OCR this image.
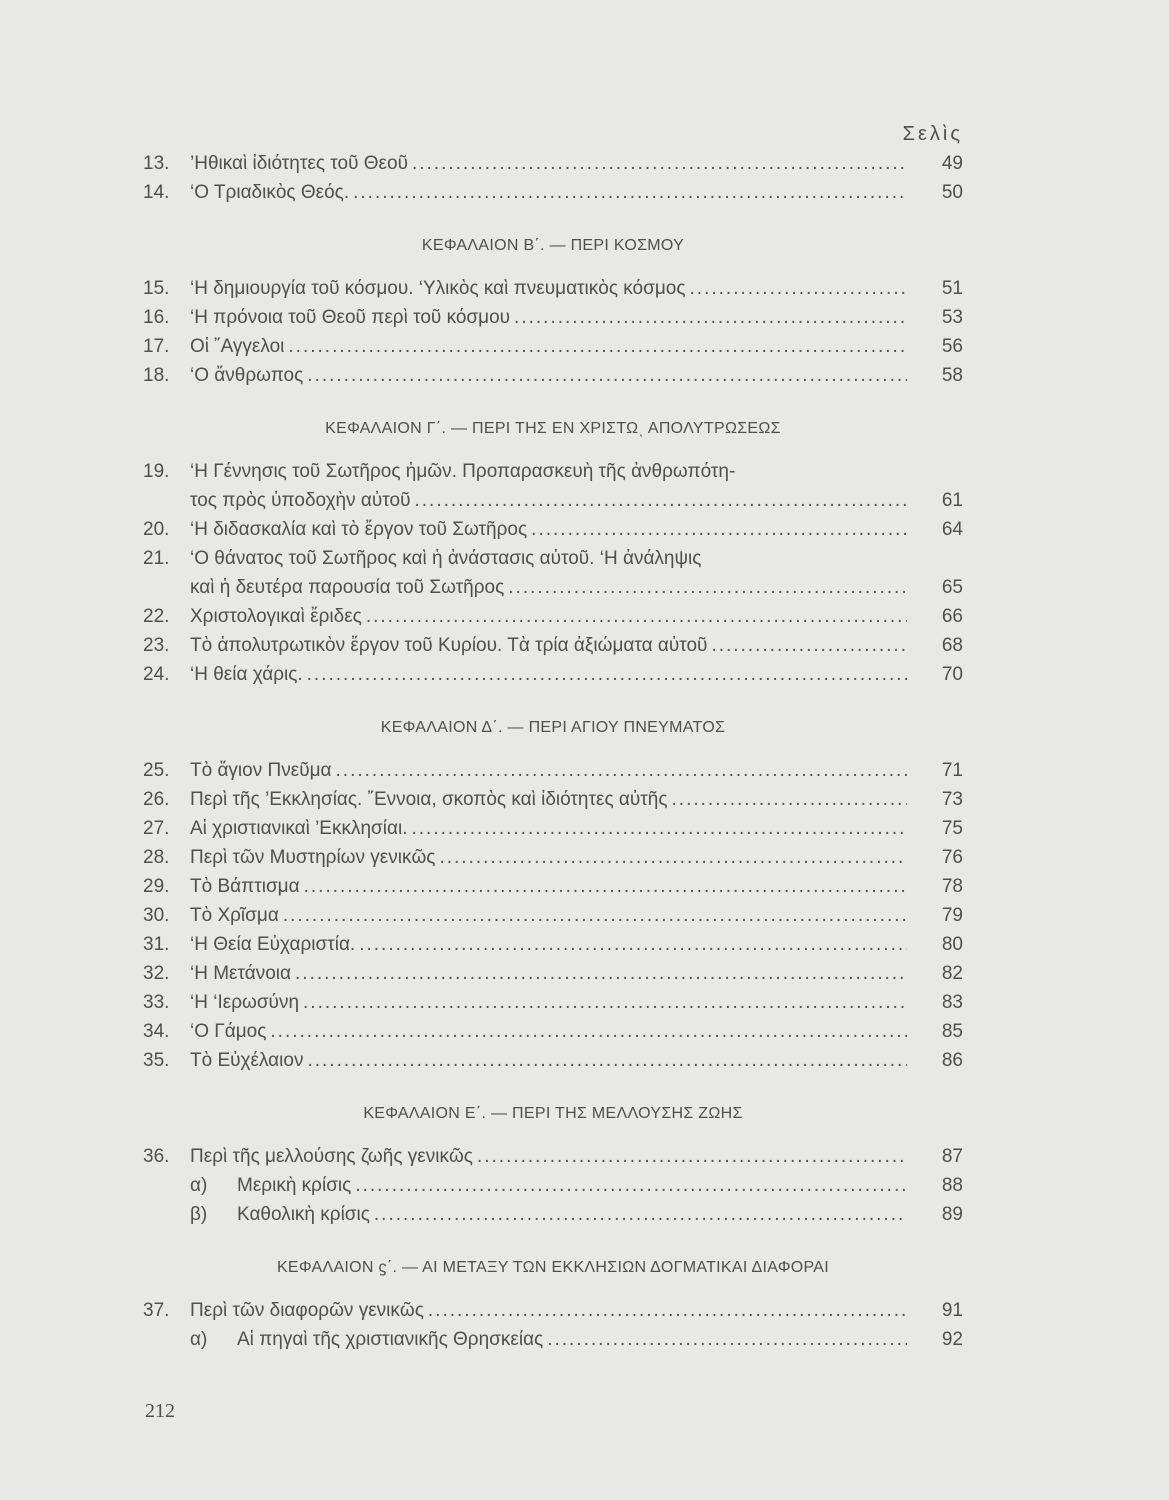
Σελὶς
13.	’Ηθικαὶ ἰδιότητες τοῦ Θεοῦ .....	49
14.	‘Ο Τριαδικὸς Θεός. .....	50
ΚΕΦΑΛΑΙΟΝ Β΄. — ΠΕΡΙ ΚΟΣΜΟΥ
15.	‘Η δημιουργία τοῦ κόσμου. ‘Υλικὸς καὶ πνευματικὸς κόσμος .....	51
16.	‘Η πρόνοια τοῦ Θεοῦ περὶ τοῦ κόσμου .....	53
17.	Οἱ ῎Αγγελοι .....	56
18.	‘Ο ἄνθρωπος .....	58
ΚΕΦΑΛΑΙΟΝ Γ΄. — ΠΕΡΙ ΤΗΣ ΕΝ ΧΡΙΣΤΩͺ ΑΠΟΛΥΤΡΩΣΕΩΣ
19.	‘Η Γέννησις τοῦ Σωτῆρος ἡμῶν. Προπαρασκευὴ τῆς ἀνθρωπότη-
τος πρὸς ὑποδοχὴν αὐτοῦ .....	61
20.	‘Η διδασκαλία καὶ τὸ ἔργον τοῦ Σωτῆρος .....	64
21.	‘Ο θάνατος τοῦ Σωτῆρος καὶ ἡ ἀνάστασις αὐτοῦ. ‘Η ἀνάληψις
καὶ ἡ δευτέρα παρουσία τοῦ Σωτῆρος .....	65
22.	Χριστολογικαὶ ἔριδες .....	66
23.	Τὸ ἀπολυτρωτικὸν ἔργον τοῦ Κυρίου. Τὰ τρία ἀξιώματα αὐτοῦ .....	68
24.	‘Η θεία χάρις. .....	70
ΚΕΦΑΛΑΙΟΝ Δ΄. — ΠΕΡΙ ΑΓΙΟΥ ΠΝΕΥΜΑΤΟΣ
25.	Τὸ ἅγιον Πνεῦμα .....	71
26.	Περὶ τῆς ’Εκκλησίας. ῎Εννοια, σκοπὸς καὶ ἰδιότητες αὐτῆς .....	73
27.	Αἱ χριστιανικαὶ ’Εκκλησίαι. .....	75
28.	Περὶ τῶν Μυστηρίων γενικῶς .....	76
29.	Τὸ Βάπτισμα .....	78
30.	Τὸ Χρῖσμα .....	79
31.	‘Η Θεία Εὐχαριστία. .....	80
32.	‘Η Μετάνοια .....	82
33.	‘Η ‘Ιερωσύνη .....	83
34.	‘Ο Γάμος .....	85
35.	Τὸ Εὐχέλαιον .....	86
ΚΕΦΑΛΑΙΟΝ Ε΄. — ΠΕΡΙ ΤΗΣ ΜΕΛΛΟΥΣΗΣ ΖΩΗΣ
36.	Περὶ τῆς μελλούσης ζωῆς γενικῶς .....	87
α)	Μερικὴ κρίσις .....	88
β)	Καθολικὴ κρίσις .....	89
ΚΕΦΑΛΑΙΟΝ ϛ΄. — ΑΙ ΜΕΤΑΞΥ ΤΩΝ ΕΚΚΛΗΣΙΩΝ ΔΟΓΜΑΤΙΚΑΙ ΔΙΑΦΟΡΑΙ
37.	Περὶ τῶν διαφορῶν γενικῶς .....	91
α)	Αἱ πηγαὶ τῆς χριστιανικῆς Θρησκείας .....	92
212
